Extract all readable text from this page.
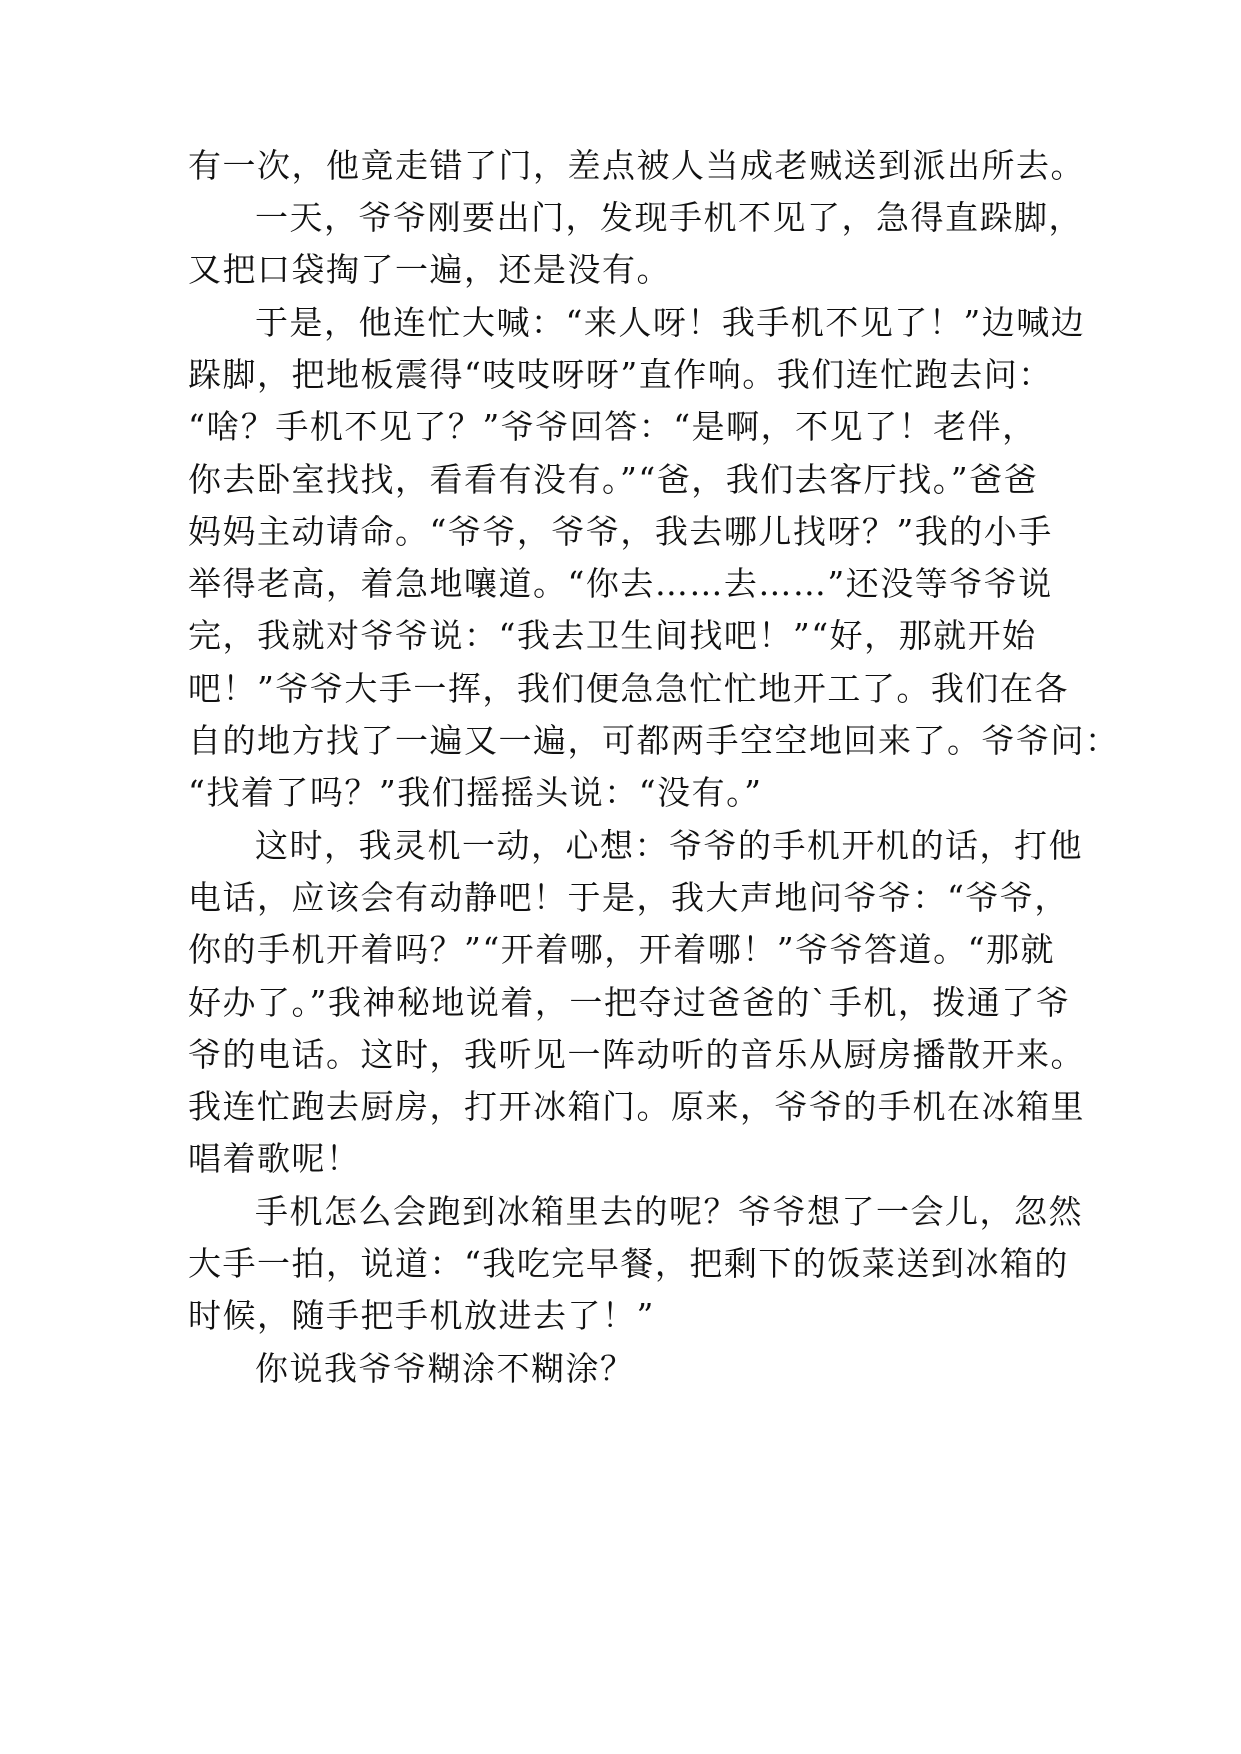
有一次，他竟走错了门，差点被人当成老贼送到派出所去。
一天，爷爷刚要出门，发现手机不见了，急得直跺脚，
又把口袋掏了一遍，还是没有。
于是，他连忙大喊：“来人呀！我手机不见了！”边喊边
跺脚，把地板震得“吱吱呀呀”直作响。我们连忙跑去问：
“啥？手机不见了？”爷爷回答：“是啊，不见了！老伴，
你去卧室找找，看看有没有。”“爸，我们去客厅找。”爸爸
妈妈主动请命。“爷爷，爷爷，我去哪儿找呀？”我的小手
举得老高，着急地嚷道。“你去……去……”还没等爷爷说
完，我就对爷爷说：“我去卫生间找吧！”“好，那就开始
吧！”爷爷大手一挥，我们便急急忙忙地开工了。我们在各
自的地方找了一遍又一遍，可都两手空空地回来了。爷爷问：
“找着了吗？”我们摇摇头说：“没有。”
这时，我灵机一动，心想：爷爷的手机开机的话，打他
电话，应该会有动静吧！于是，我大声地问爷爷：“爷爷，
你的手机开着吗？”“开着哪，开着哪！”爷爷答道。“那就
好办了。”我神秘地说着，一把夺过爸爸的`手机，拨通了爷
爷的电话。这时，我听见一阵动听的音乐从厨房播散开来。
我连忙跑去厨房，打开冰箱门。原来，爷爷的手机在冰箱里
唱着歌呢！
手机怎么会跑到冰箱里去的呢？爷爷想了一会儿，忽然
大手一拍，说道：“我吃完早餐，把剩下的饭菜送到冰箱的
时候，随手把手机放进去了！”
你说我爷爷糊涂不糊涂？
